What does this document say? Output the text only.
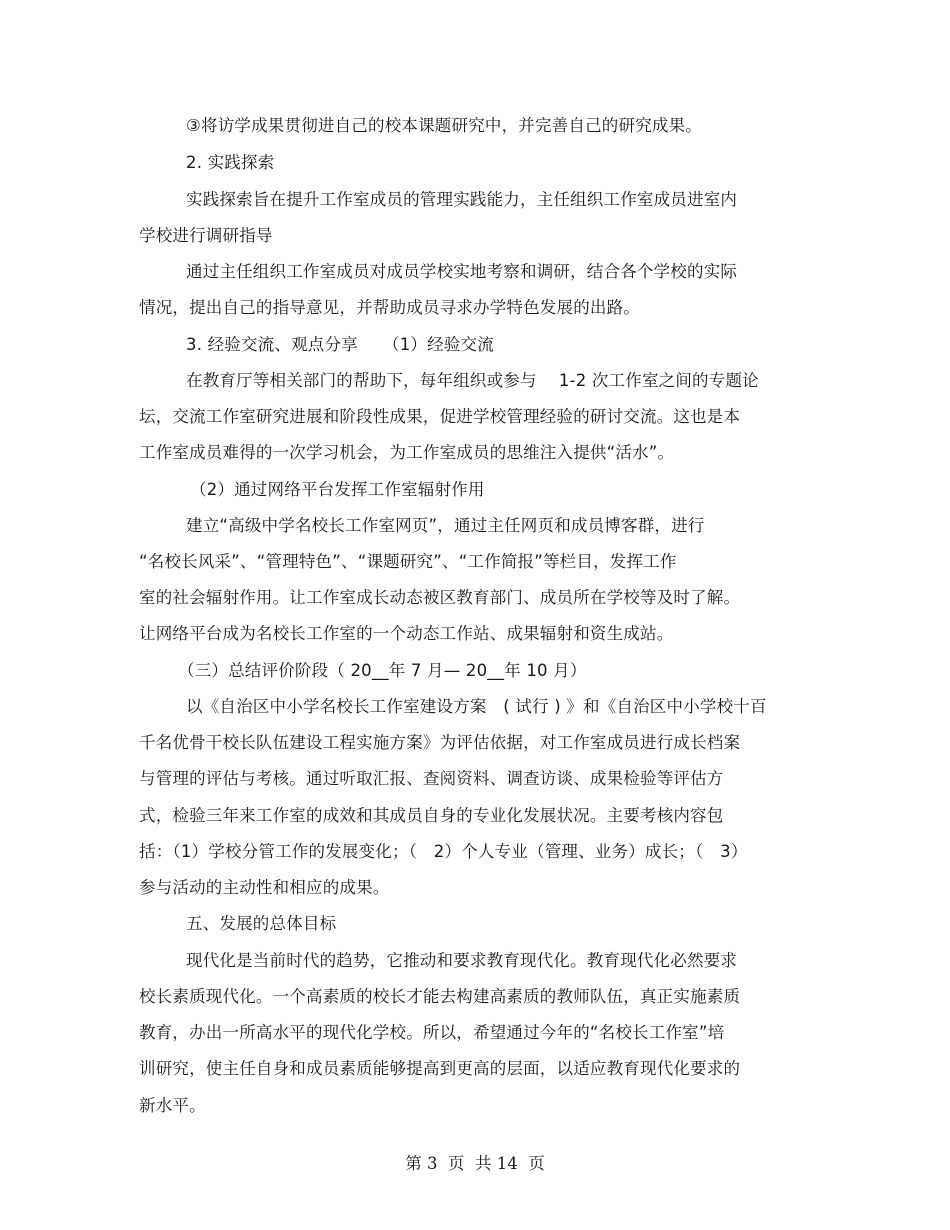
③将访学成果贯彻进自己的校本课题研究中，并完善自己的研究成果。
2. 实践探索
实践探索旨在提升工作室成员的管理实践能力，主任组织工作室成员进室内
学校进行调研指导
通过主任组织工作室成员对成员学校实地考察和调研，结合各个学校的实际
情况，提出自己的指导意见，并帮助成员寻求办学特色发展的出路。
3. 经验交流、观点分享　　（1）经验交流
在教育厅等相关部门的帮助下，每年组织或参与　 1-2 次工作室之间的专题论
坛，交流工作室研究进展和阶段性成果，促进学校管理经验的研讨交流。这也是本
工作室成员难得的一次学习机会，为工作室成员的思维注入提供“活水”。
（2）通过网络平台发挥工作室辐射作用
建立“高级中学名校长工作室网页”，通过主任网页和成员博客群，进行
“名校长风采”、“管理特色”、“课题研究”、“工作简报”等栏目，发挥工作
室的社会辐射作用。让工作室成长动态被区教育部门、成员所在学校等及时了解。
让网络平台成为名校长工作室的一个动态工作站、成果辐射和资生成站。
（三）总结评价阶段（ 20__年 7 月— 20__年 10 月）
以《自治区中小学名校长工作室建设方案　( 试行 ) 》和《自治区中小学校十百
千名优骨干校长队伍建设工程实施方案》为评估依据，对工作室成员进行成长档案
与管理的评估与考核。通过听取汇报、查阅资料、调查访谈、成果检验等评估方
式，检验三年来工作室的成效和其成员自身的专业化发展状况。主要考核内容包
括：（1）学校分管工作的发展变化；（　2）个人专业（管理、业务）成长；（　3）
参与活动的主动性和相应的成果。
五、发展的总体目标
现代化是当前时代的趋势，它推动和要求教育现代化。教育现代化必然要求
校长素质现代化。一个高素质的校长才能去构建高素质的教师队伍，真正实施素质
教育，办出一所高水平的现代化学校。所以，希望通过今年的“名校长工作室”培
训研究，使主任自身和成员素质能够提高到更高的层面，以适应教育现代化要求的
新水平。
第 3  页  共 14  页
